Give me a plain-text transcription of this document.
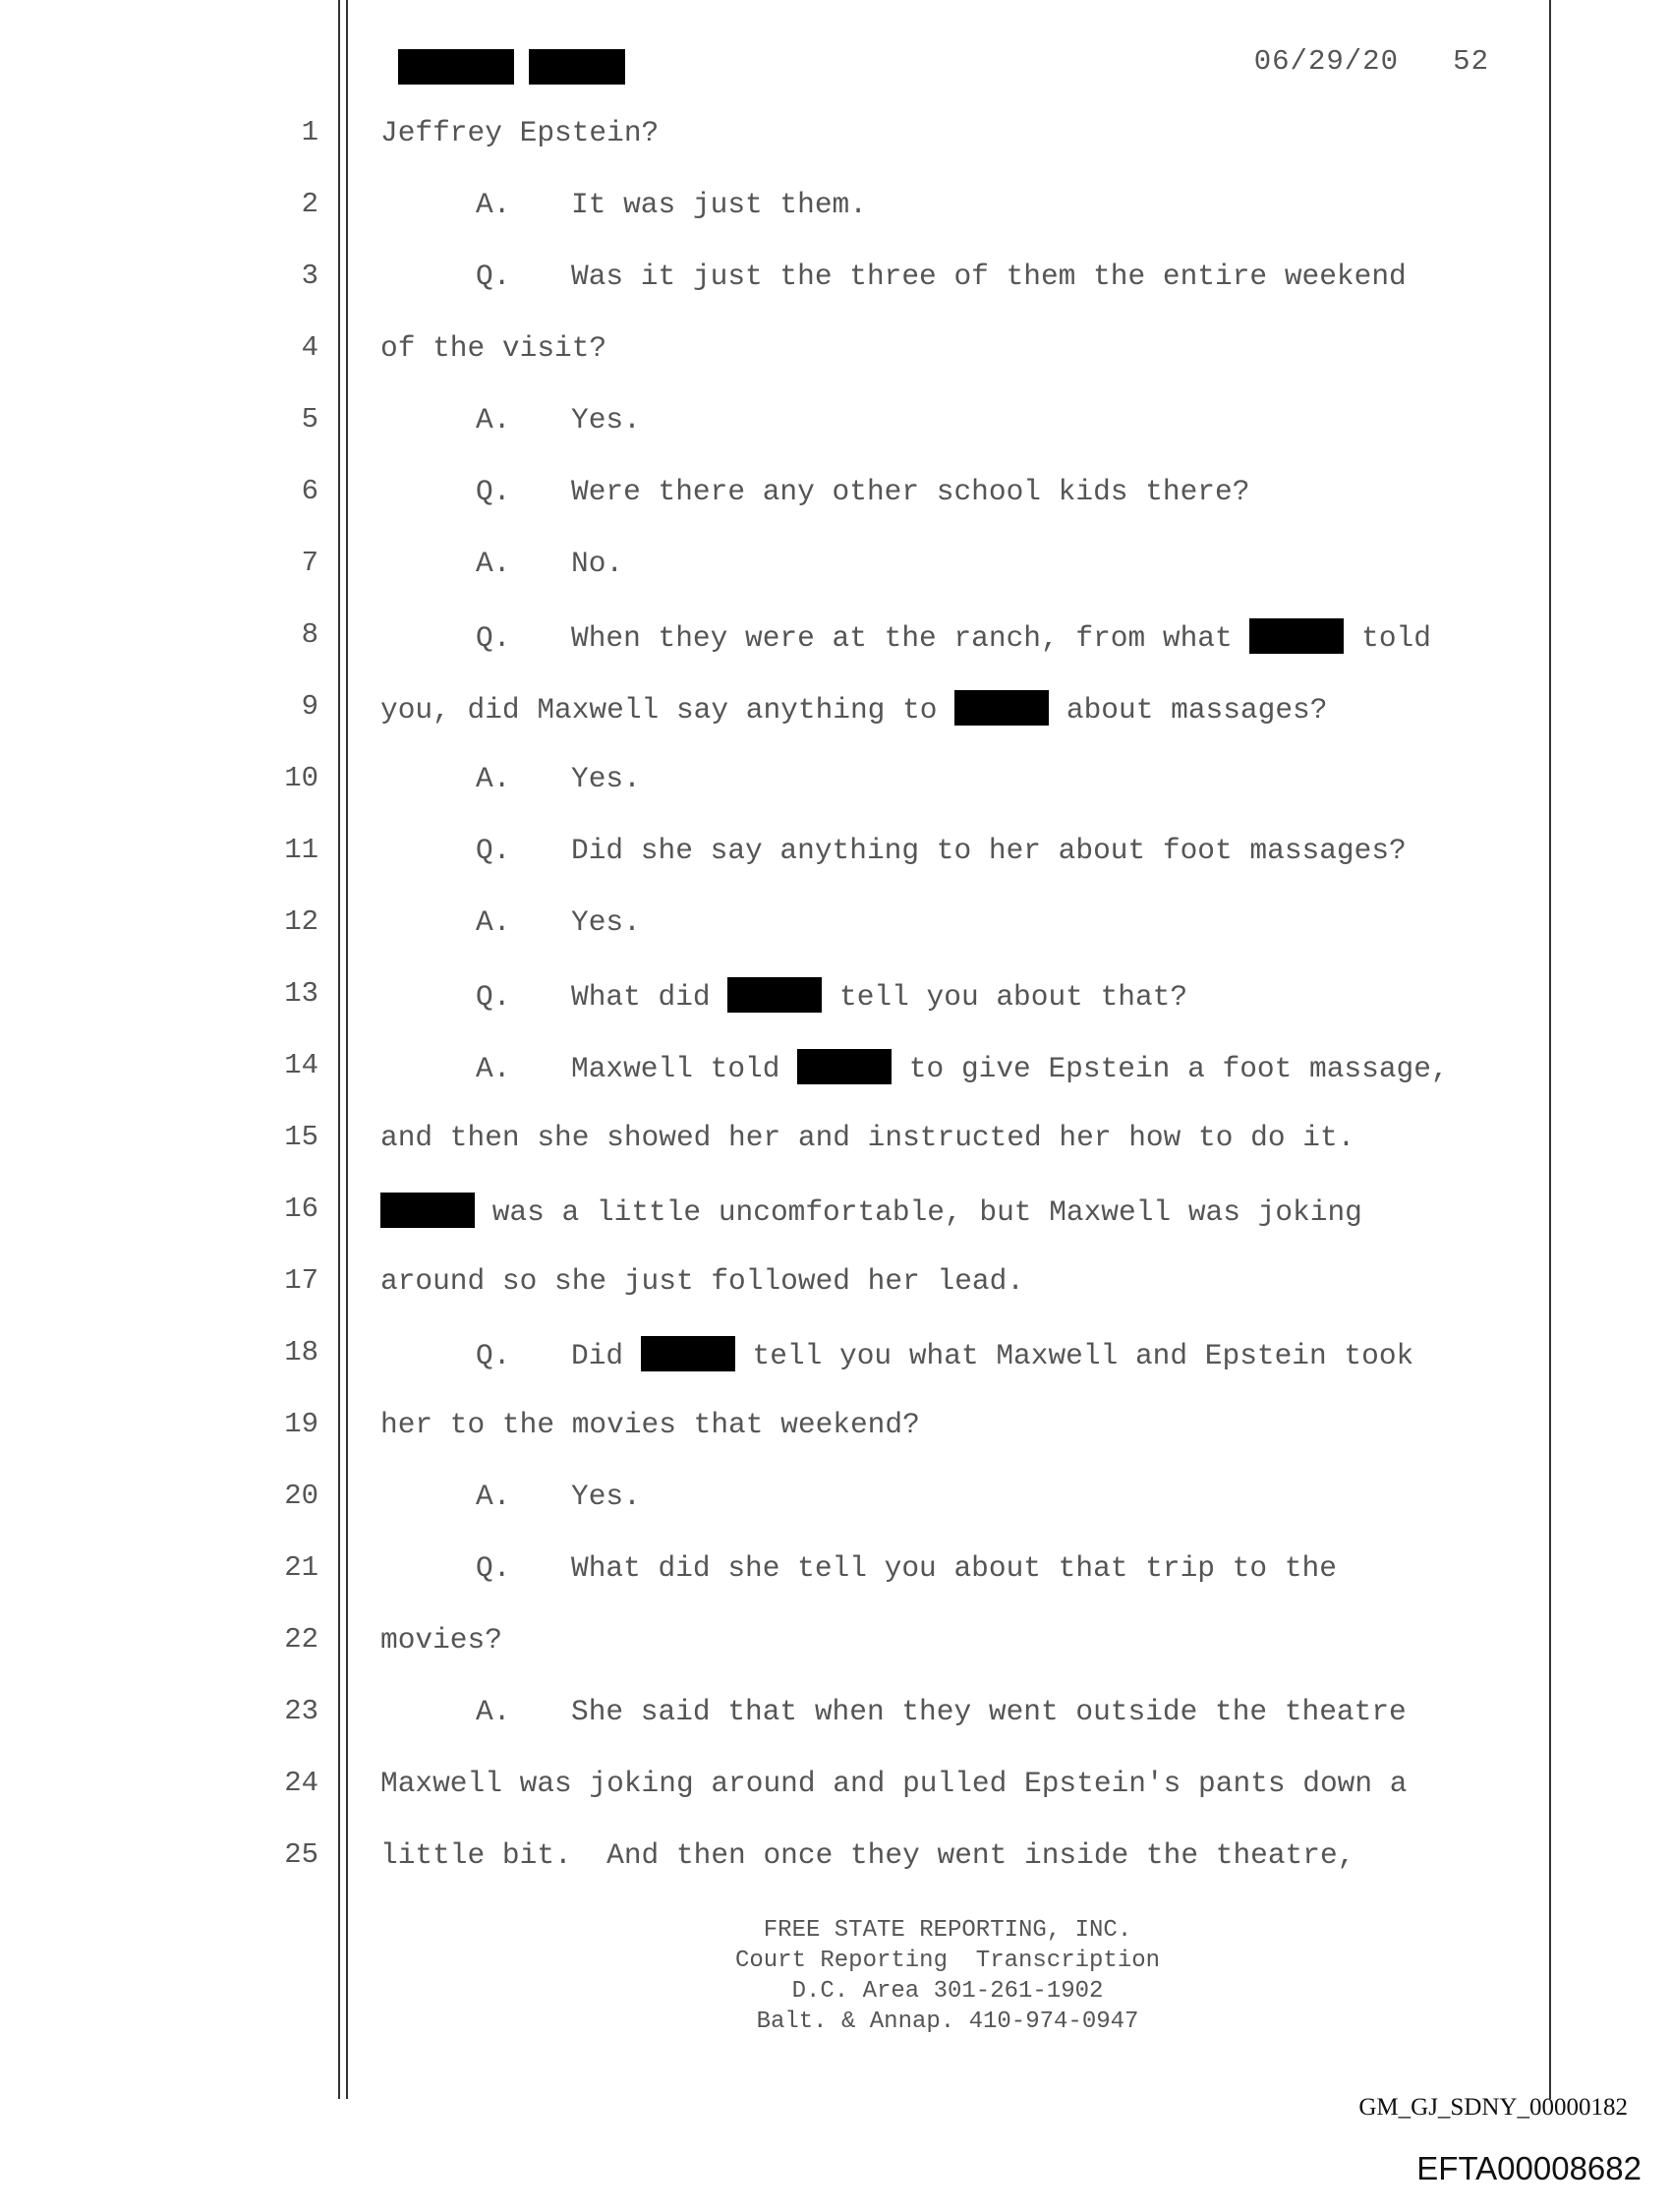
06/29/20   52
1 Jeffrey Epstein?
2	A. It was just them.
3	Q. Was it just the three of them the entire weekend
4 of the visit?
5	A. Yes.
6	Q. Were there any other school kids there?
7	A. No.
8	Q. When they were at the ranch, from what	told
9 you, did Maxwell say anything to	about massages?
10	A. Yes.
11	Q. Did she say anything to her about foot massages?
12	A. Yes.
13	Q. What did	tell you about that?
14	A. Maxwell told	to give Epstein a foot massage,
15 and then she showed her and instructed her how to do it.
16	was a little uncomfortable, but Maxwell was joking
17 around so she just followed her lead.
18	Q. Did	tell you what Maxwell and Epstein took
19 her to the movies that weekend?
20	A. Yes.
21	Q. What did she tell you about that trip to the
22 movies?
23	A. She said that when they went outside the theatre
24 Maxwell was joking around and pulled Epstein's pants down a
25 little bit.  And then once they went inside the theatre,
FREE STATE REPORTING, INC.
Court Reporting  Transcription
D.C. Area 301-261-1902
Balt. & Annap. 410-974-0947
GM_GJ_SDNY_00000182
EFTA00008682
